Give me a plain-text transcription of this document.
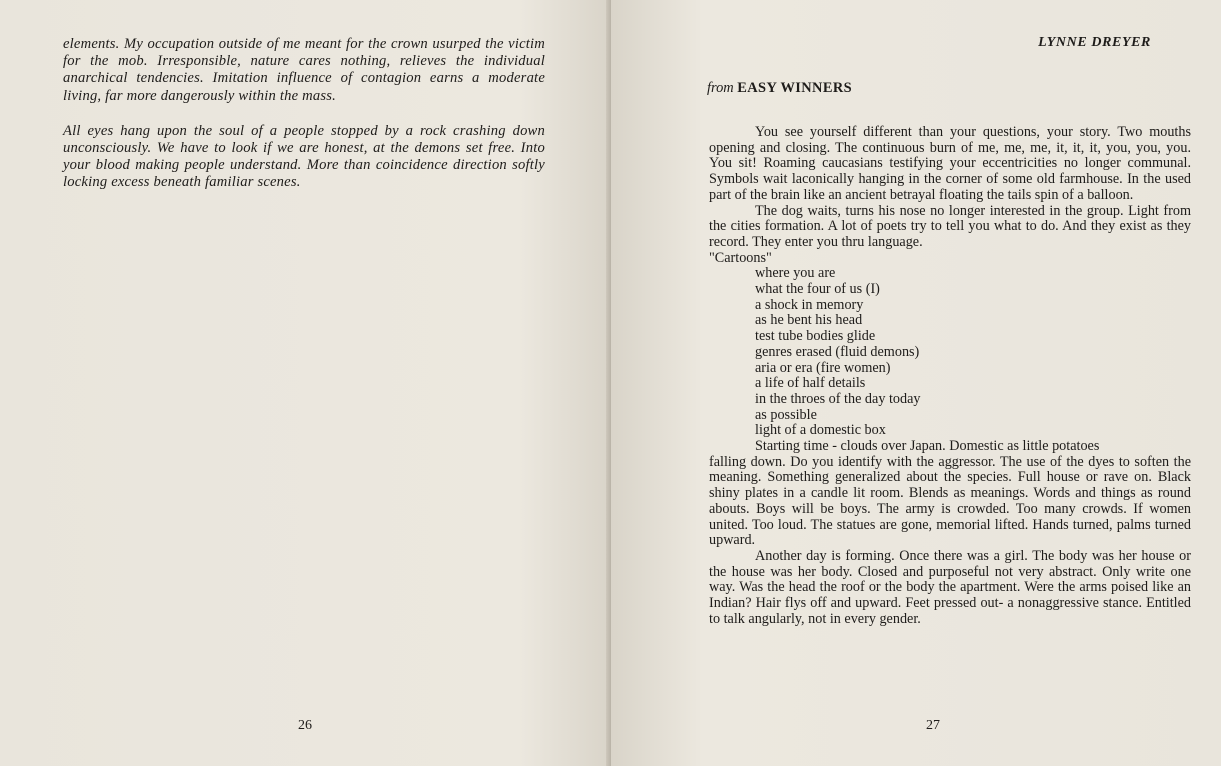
elements. My occupation outside of me meant for the crown usurped the victim for the mob. Irresponsible, nature cares nothing, relieves the individual anarchical tendencies. Imitation influence of contagion earns a moderate living, far more dangerously within the mass.

All eyes hang upon the soul of a people stopped by a rock crashing down unconsciously. We have to look if we are honest, at the demons set free. Into your blood making people understand. More than coincidence direction softly locking excess beneath familiar scenes.

26
LYNNE DREYER
from EASY WINNERS

You see yourself different than your questions, your story. Two mouths opening and closing. The continuous burn of me, me, me, it, it, it, you, you, you. You sit! Roaming caucasians testifying your eccentricities no longer communal. Symbols wait laconically hanging in the corner of some old farmhouse. In the used part of the brain like an ancient betrayal floating the tails spin of a balloon.

The dog waits, turns his nose no longer interested in the group. Light from the cities formation. A lot of poets try to tell you what to do. And they exist as they record. They enter you thru language.

"Cartoons"
where you are
what the four of us (I)
a shock in memory
as he bent his head
test tube bodies glide
genres erased (fluid demons)
aria or era (fire women)
a life of half details
in the throes of the day today
as possible
light of a domestic box
Starting time - clouds over Japan. Domestic as little potatoes

falling down. Do you identify with the aggressor. The use of the dyes to soften the meaning. Something generalized about the species. Full house or rave on. Black shiny plates in a candle lit room. Blends as meanings. Words and things as round abouts. Boys will be boys. The army is crowded. Too many crowds. If women united. Too loud. The statues are gone, memorial lifted. Hands turned, palms turned upward.

Another day is forming. Once there was a girl. The body was her house or the house was her body. Closed and purposeful not very abstract. Only write one way. Was the head the roof or the body the apartment. Were the arms poised like an Indian? Hair flys off and upward. Feet pressed out- a nonaggressive stance. Entitled to talk angularly, not in every gender.

27
